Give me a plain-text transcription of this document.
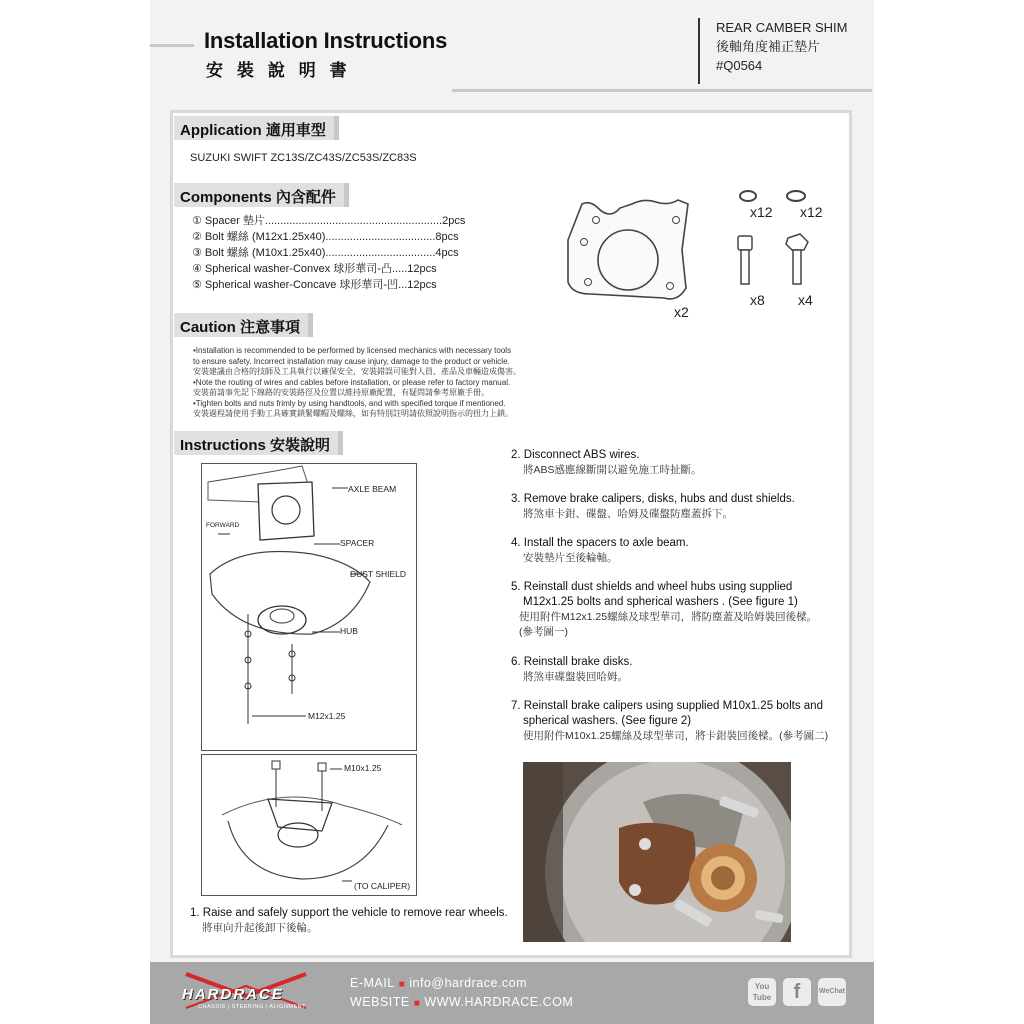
Installation Instructions
安 裝 說 明 書
REAR CAMBER SHIM
後軸角度補正墊片
#Q0564
Application 適用車型
SUZUKI SWIFT ZC13S/ZC43S/ZC53S/ZC83S
Components 內含配件
① Spacer 墊片..........................................................2pcs
② Bolt 螺絲 (M12x1.25x40)....................................8pcs
③ Bolt 螺絲 (M10x1.25x40)....................................4pcs
④ Spherical washer-Convex 球形華司-凸.....12pcs
⑤ Spherical washer-Concave 球形華司-凹...12pcs
x2
x12 x12
x8 x4
Caution 注意事項
•Installation is recommended to be performed by licensed mechanics with necessary tools
to ensure safety. Incorrect installation may cause injury, damage to the product or vehicle.
安裝建議由合格的技師及工具執行以確保安全，安裝錯誤可能對人員、產品及車輛造成傷害。
•Note the routing of wires and cables before installation, or please refer to factory manual.
安裝前請事先記下線路的安裝路徑及位置以維持原廠配置，有疑問請參考原廠手冊。
•Tighten bolts and nuts frimly by using handtools, and with specified torque if mentioned.
安裝過程請使用手動工具確實鎖緊螺帽及螺絲，如有特別註明請依照說明指示的扭力上鎖。
Instructions 安裝說明
AXLE BEAM
FORWARD
SPACER
DUST SHIELD
HUB
M12x1.25
M10x1.25
(TO CALIPER)
1. Raise and safely support the vehicle to remove rear wheels.
將車向升起後卸下後輪。
2. Disconnect ABS wires.
將ABS感應線斷開以避免施工時扯斷。
3. Remove brake calipers, disks, hubs and dust shields.
將煞車卡鉗、碟盤、哈姆及碟盤防塵蓋拆下。
4. Install the spacers to axle beam.
安裝墊片至後輪軸。
5. Reinstall dust shields and wheel hubs using supplied
M12x1.25 bolts and spherical washers . (See figure 1)
使用附件M12x1.25螺絲及球型華司，將防塵蓋及哈姆裝回後樑。
(參考圖一)
6. Reinstall brake disks.
將煞車碟盤裝回哈姆。
7. Reinstall brake calipers using supplied M10x1.25 bolts and
spherical washers. (See figure 2)
使用附件M10x1.25螺絲及球型華司，將卡鉗裝回後樑。(參考圖二)
HARDRACE
CHASSIS | STEERING | ALIGNMENT
E-MAIL ■ info@hardrace.com
WEBSITE ■ WWW.HARDRACE.COM
You Tube	f	WeChat
